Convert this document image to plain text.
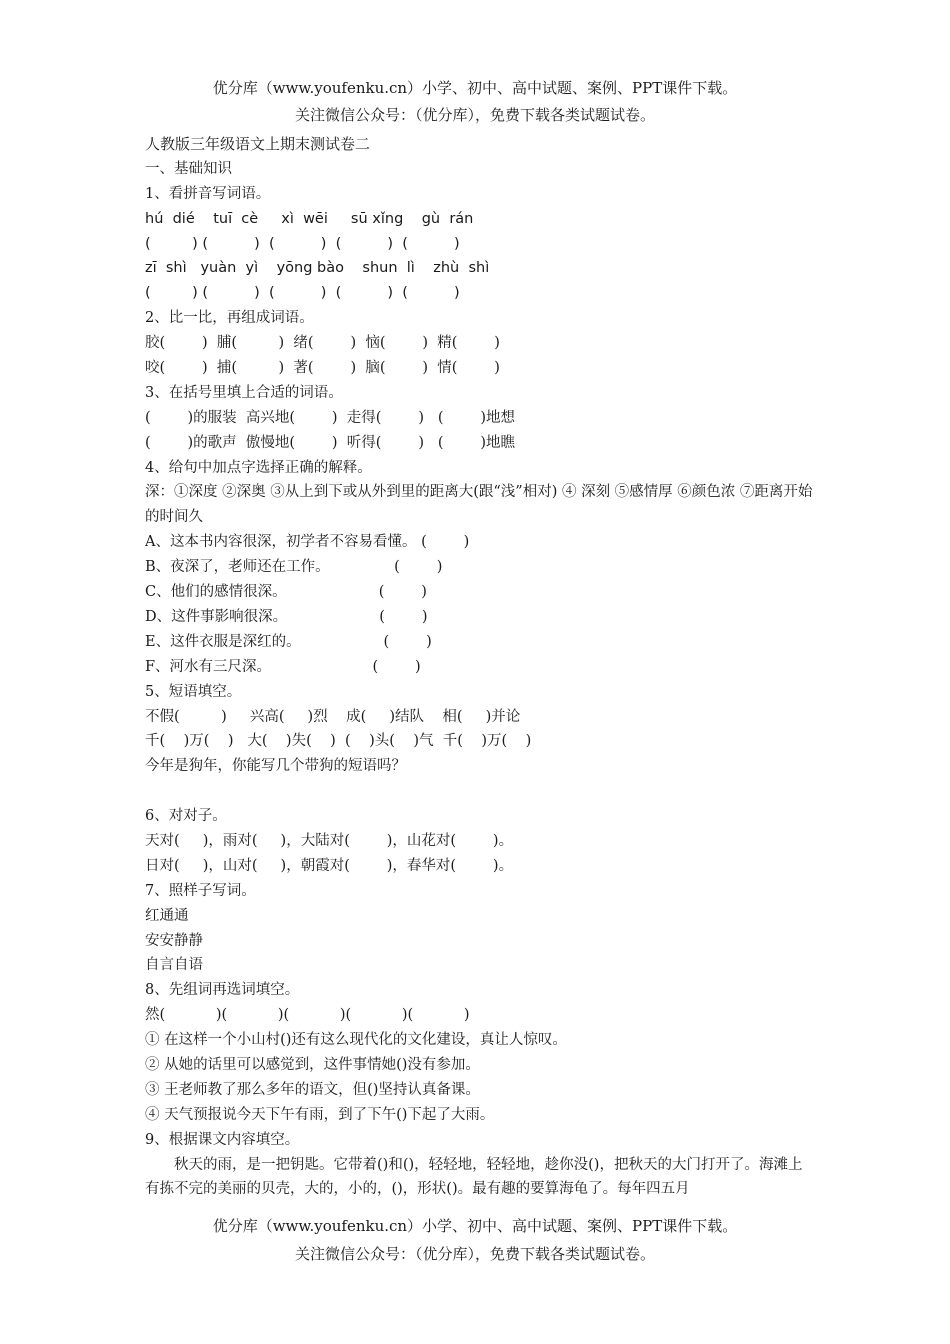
优分库（www.youfenku.cn）小学、初中、高中试题、案例、PPT课件下载。
关注微信公众号：（优分库），免费下载各类试题试卷。
人教版三年级语文上期末测试卷二
一、基础知识
1、看拼音写词语。
hú  dié    tuī  cè     xì  wēi     sū xǐng    gù  rán
(         ) (          )  (          )  (          )  (          )
zī  shì   yuàn  yì    yōng bào    shun  lì    zhù  shì
(         ) (          )  (          )  (          )  (          )
2、比一比，再组成词语。
胶(        )  脯(         )  绪(        )  恼(        )  精(        )
咬(        )  捕(         )  著(        )  脑(        )  情(        )
3、在括号里填上合适的词语。
(        )的服装  高兴地(        )  走得(        )   (        )地想
(        )的歌声  傲慢地(        )  听得(        )   (        )地瞧
4、给句中加点字选择正确的解释。
深：①深度 ②深奥 ③从上到下或从外到里的距离大(跟“浅”相对) ④ 深刻 ⑤感情厚 ⑥颜色浓 ⑦距离开始的时间久
A、这本书内容很深，初学者不容易看懂。 (        )
B、夜深了，老师还在工作。              (        )
C、他们的感情很深。                    (        )
D、这件事影响很深。                    (        )
E、这件衣服是深红的。                  (        )
F、河水有三尺深。                      (        )
5、短语填空。
不假(         )     兴高(     )烈    成(     )结队    相(     )并论
千(    )万(    )   大(    )失(    )  (    )头(    )气  千(    )万(    )
今年是狗年，你能写几个带狗的短语吗？
6、对对子。
天对(     )，雨对(     )，大陆对(        )，山花对(        )。
日对(     )，山对(     )，朝霞对(        )，春华对(        )。
7、照样子写词。
红通通
安安静静
自言自语
8、先组词再选词填空。
然(           )(           )(           )(           )(           )
① 在这样一个小山村()还有这么现代化的文化建设，真让人惊叹。
② 从她的话里可以感觉到，这件事情她()没有参加。
③ 王老师教了那么多年的语文，但()坚持认真备课。
④ 天气预报说今天下午有雨，到了下午()下起了大雨。
9、根据课文内容填空。
秋天的雨，是一把钥匙。它带着()和()，轻轻地，轻轻地，趁你没()，把秋天的大门打开了。海滩上有拣不完的美丽的贝壳，大的，小的，()，形状()。最有趣的要算海龟了。每年四五月
优分库（www.youfenku.cn）小学、初中、高中试题、案例、PPT课件下载。
关注微信公众号：（优分库），免费下载各类试题试卷。
